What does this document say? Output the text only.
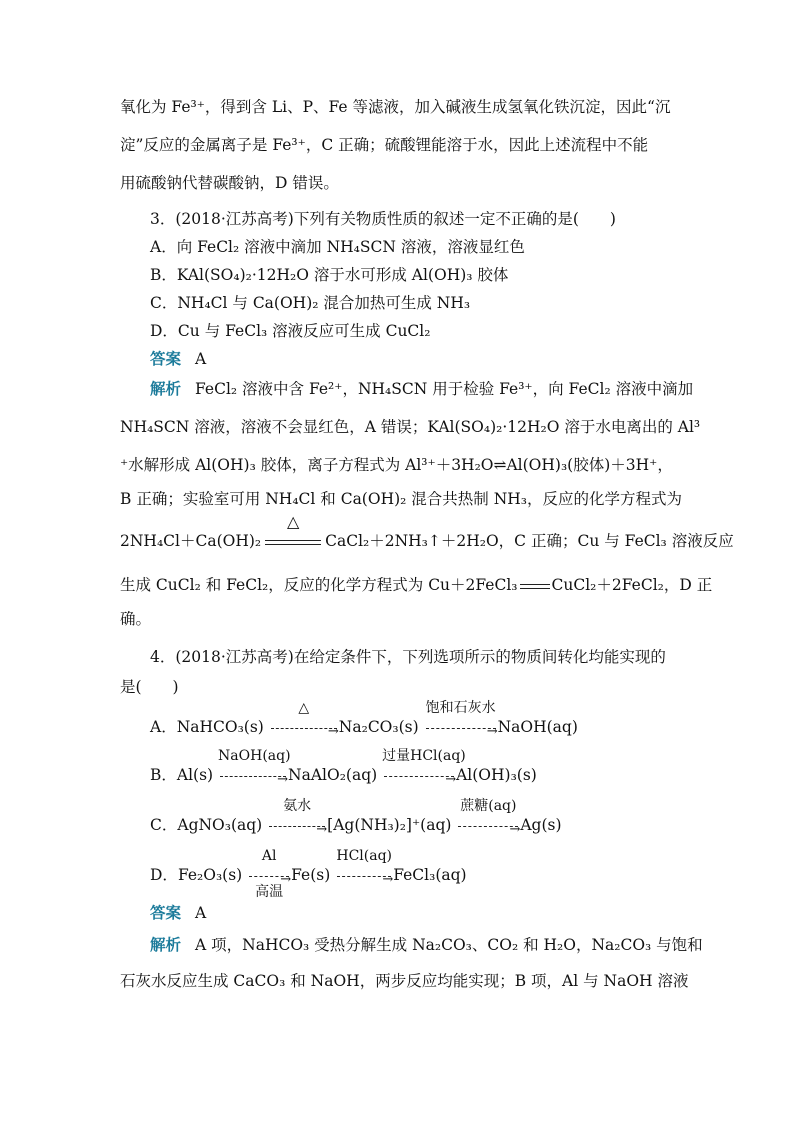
氧化为 Fe³⁺，得到含 Li、P、Fe 等滤液，加入碱液生成氢氧化铁沉淀，因此“沉
淀”反应的金属离子是 Fe³⁺，C 正确；硫酸锂能溶于水，因此上述流程中不能
用硫酸钠代替碳酸钠，D 错误。
3．(2018·江苏高考)下列有关物质性质的叙述一定不正确的是(　　)
A．向 FeCl₂ 溶液中滴加 NH₄SCN 溶液，溶液显红色
B．KAl(SO₄)₂·12H₂O 溶于水可形成 Al(OH)₃ 胶体
C．NH₄Cl 与 Ca(OH)₂ 混合加热可生成 NH₃
D．Cu 与 FeCl₃ 溶液反应可生成 CuCl₂
答案 A
解析 FeCl₂ 溶液中含 Fe²⁺，NH₄SCN 用于检验 Fe³⁺，向 FeCl₂ 溶液中滴加
NH₄SCN 溶液，溶液不会显红色，A 错误；KAl(SO₄)₂·12H₂O 溶于水电离出的 Al³
⁺水解形成 Al(OH)₃ 胶体，离子方程式为 Al³⁺＋3H₂O⇌Al(OH)₃(胶体)＋3H⁺，
B 正确；实验室可用 NH₄Cl 和 Ca(OH)₂ 混合共热制 NH₃，反应的化学方程式为
2NH₄Cl＋Ca(OH)₂
△
CaCl₂＋2NH₃↑＋2H₂O，C 正确；Cu 与 FeCl₃ 溶液反应
生成 CuCl₂ 和 FeCl₂，反应的化学方程式为 Cu＋2FeCl₃ CuCl₂＋2FeCl₂，D 正
确。
4．(2018·江苏高考)在给定条件下，下列选项所示的物质间转化均能实现的
是(　　)
A．NaHCO₃(s)
△
→ Na₂CO₃(s)
饱和石灰水
→ NaOH(aq)
B．Al(s)
NaOH(aq)
→ NaAlO₂(aq)
过量HCl(aq)
→ Al(OH)₃(s)
C．AgNO₃(aq)
氨水
→ [Ag(NH₃)₂]⁺(aq)
蔗糖(aq)
→ Ag(s)
D．Fe₂O₃(s)
Al
→
高温
Fe(s)
HCl(aq)
→ FeCl₃(aq)
答案 A
解析 A 项，NaHCO₃ 受热分解生成 Na₂CO₃、CO₂ 和 H₂O，Na₂CO₃ 与饱和
石灰水反应生成 CaCO₃ 和 NaOH，两步反应均能实现；B 项，Al 与 NaOH 溶液
